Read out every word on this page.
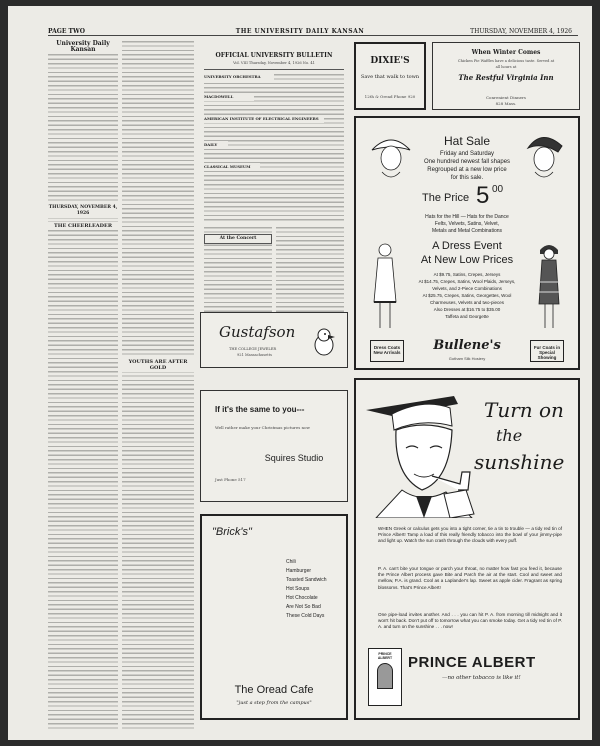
PAGE TWO	THE UNIVERSITY DAILY KANSAN	THURSDAY, NOVEMBER 4, 1926
University Daily Kansan
THURSDAY, NOVEMBER 4, 1926
THE CHEERLEADER
YOUTHS ARE AFTER GOLD
OFFICIAL UNIVERSITY BULLETIN
Vol. VIII Thursday, November 4, 1926 No. 41
UNIVERSITY ORCHESTRA
MACDOWELL
AMERICAN INSTITUTE OF ELECTRICAL ENGINEERS
DAILY
CLASSICAL MUSEUM
At the Concert
DIXIE'S
Save that walk to town
12th & Oread Phone 920
When Winter Comes
Chicken Pie Waffles have a delicious taste. Served at
all hours at
The Restful Virginia Inn
Conrenient Dinners
828 Mass.
Hat Sale
Friday and Saturday
One hundred newest fall shapes
Regrouped at a new low price
for this sale.
The Price 5 00
Hats for the Hill — Hats for the Dance
Felts, Velvets, Satins, Velvet,
Metals and Metal Combinations
A Dress Event
At New Low Prices
At $9.75, Satins, Crepes, Jerseys
At $14.75, Crepes, Satins, Wool Plaids, Jerseys,
Velvets, and 2-Piece Combinations
At $25.75, Crepes, Satins, Georgettes, Wool
Charmeuses, Velvets and two-pieces
Also Dresses at $16.75 to $35.00
Taffeta and Georgette
Dress Coats New Arrivals	Bullene's
Gotham Silk Hosiery
Fur Coats in Special Showing
Gustafson
THE COLLEGE JEWELER
921 Massachusetts
If it's the same to you---
Well rather make your Christmas pictures now
Squires Studio
Just Phone 517
"Brick's"
Chili
Hamburger
Toasted Sandwich
Hot Soups
Hot Chocolate
Are Not So Bad
These Cold Days
The Oread Cafe
"just a step from the campus"
Turn on
the
sunshine
WHEN Greek or calculus gets you into a tight corner, tie a tin to trouble — a tidy red tin of Prince Albert! Tamp a load of this really friendly tobacco into the bowl of your jimmy-pipe and light up. Watch the sun crash through the clouds with every puff.
P. A. can't bite your tongue or parch your throat, no matter how fast you feed it, because the Prince Albert process gave Bite and Parch the air at the start. Cool and sweet and mellow, P.A. is grand. Cool as a Laplander's lap. Sweet as apple cider. Fragrant as spring blossoms. That's Prince Albert!
One pipe-load invites another. And . . . you can hit P. A. from morning till midnight and it won't hit back. Don't put off to tomorrow what you can smoke today. Get a tidy red tin of P. A. and turn on the sunshine . . . now!
PRINCE ALBERT	PRINCE ALBERT
—no other tobacco is like it!
